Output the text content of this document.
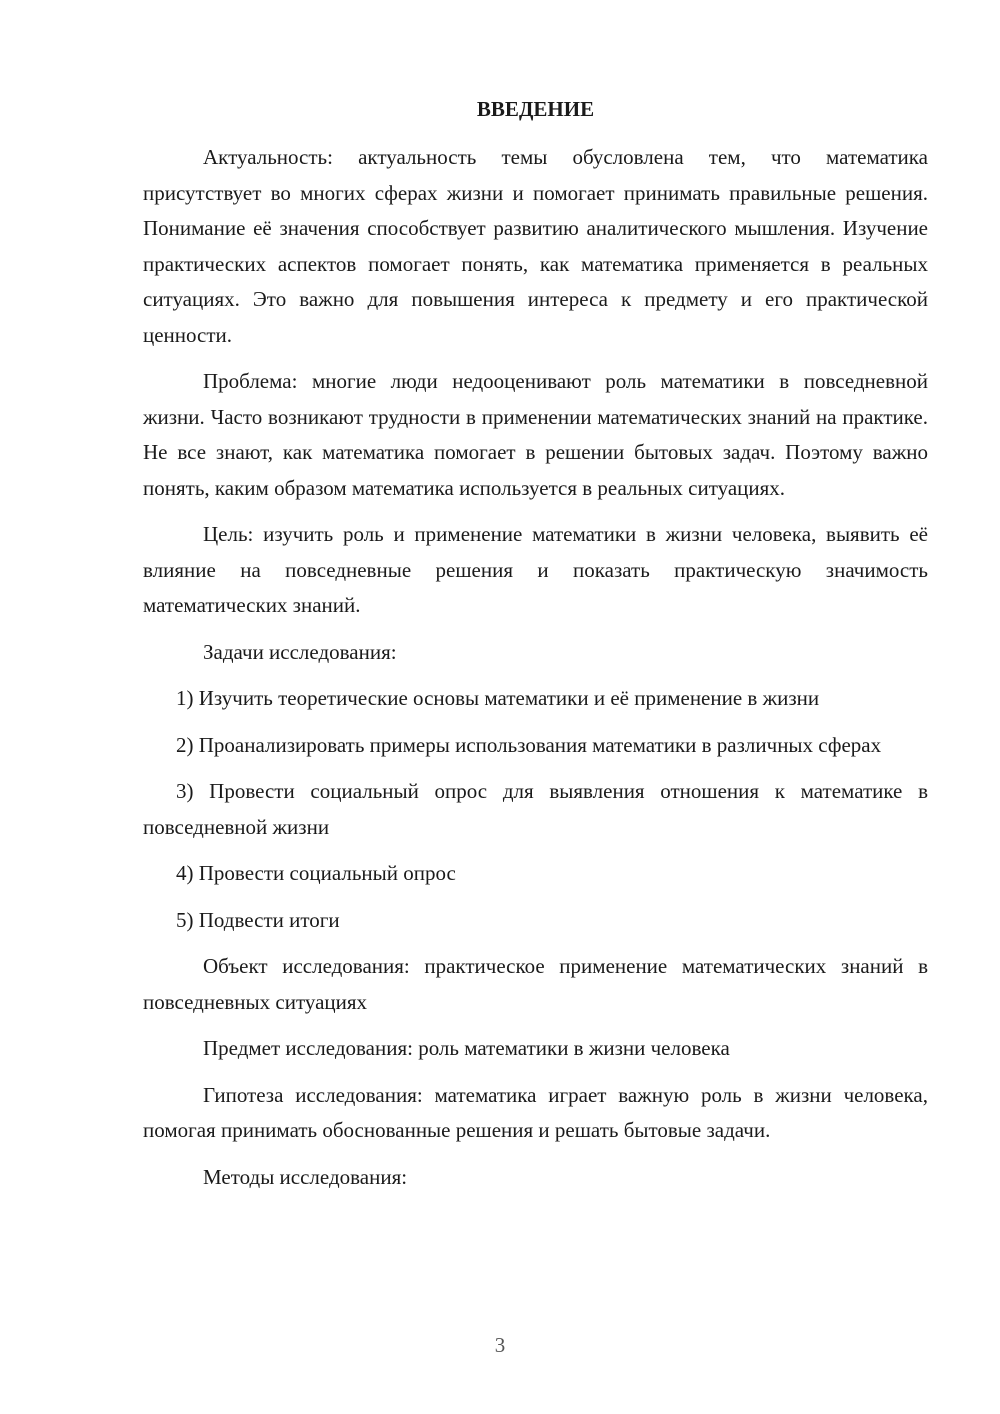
ВВЕДЕНИЕ

Актуальность: актуальность темы обусловлена тем, что математика присутствует во многих сферах жизни и помогает принимать правильные решения. Понимание её значения способствует развитию аналитического мышления. Изучение практических аспектов помогает понять, как математика применяется в реальных ситуациях. Это важно для повышения интереса к предмету и его практической ценности.

Проблема: многие люди недооценивают роль математики в повседневной жизни. Часто возникают трудности в применении математических знаний на практике. Не все знают, как математика помогает в решении бытовых задач. Поэтому важно понять, каким образом математика используется в реальных ситуациях.

Цель: изучить роль и применение математики в жизни человека, выявить её влияние на повседневные решения и показать практическую значимость математических знаний.

Задачи исследования:

1) Изучить теоретические основы математики и её применение в жизни

2) Проанализировать примеры использования математики в различных сферах

3) Провести социальный опрос для выявления отношения к математике в повседневной жизни

4) Провести социальный опрос

5) Подвести итоги

Объект исследования: практическое применение математических знаний в повседневных ситуациях

Предмет исследования: роль математики в жизни человека

Гипотеза исследования: математика играет важную роль в жизни человека, помогая принимать обоснованные решения и решать бытовые задачи.

Методы исследования:

3
